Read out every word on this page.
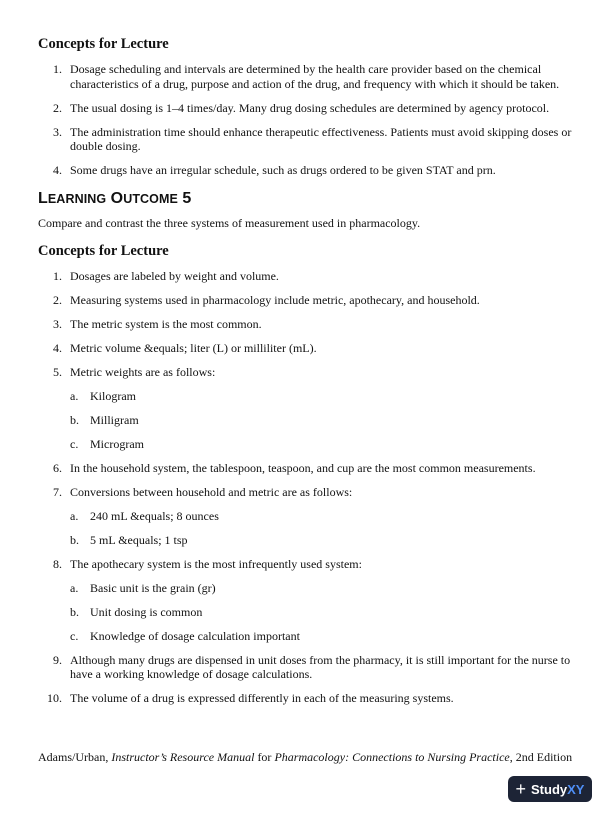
Concepts for Lecture
1. Dosage scheduling and intervals are determined by the health care provider based on the chemical characteristics of a drug, purpose and action of the drug, and frequency with which it should be taken.
2. The usual dosing is 1–4 times/day. Many drug dosing schedules are determined by agency protocol.
3. The administration time should enhance therapeutic effectiveness. Patients must avoid skipping doses or double dosing.
4. Some drugs have an irregular schedule, such as drugs ordered to be given STAT and prn.
LEARNING OUTCOME 5
Compare and contrast the three systems of measurement used in pharmacology.
Concepts for Lecture
1. Dosages are labeled by weight and volume.
2. Measuring systems used in pharmacology include metric, apothecary, and household.
3. The metric system is the most common.
4. Metric volume &equals; liter (L) or milliliter (mL).
5. Metric weights are as follows:
a. Kilogram
b. Milligram
c. Microgram
6. In the household system, the tablespoon, teaspoon, and cup are the most common measurements.
7. Conversions between household and metric are as follows:
a. 240 mL &equals; 8 ounces
b. 5 mL &equals; 1 tsp
8. The apothecary system is the most infrequently used system:
a. Basic unit is the grain (gr)
b. Unit dosing is common
c. Knowledge of dosage calculation important
9. Although many drugs are dispensed in unit doses from the pharmacy, it is still important for the nurse to have a working knowledge of dosage calculations.
10. The volume of a drug is expressed differently in each of the measuring systems.
Adams/Urban, Instructor’s Resource Manual for Pharmacology: Connections to Nursing Practice, 2nd Edition
+ StudyXY
